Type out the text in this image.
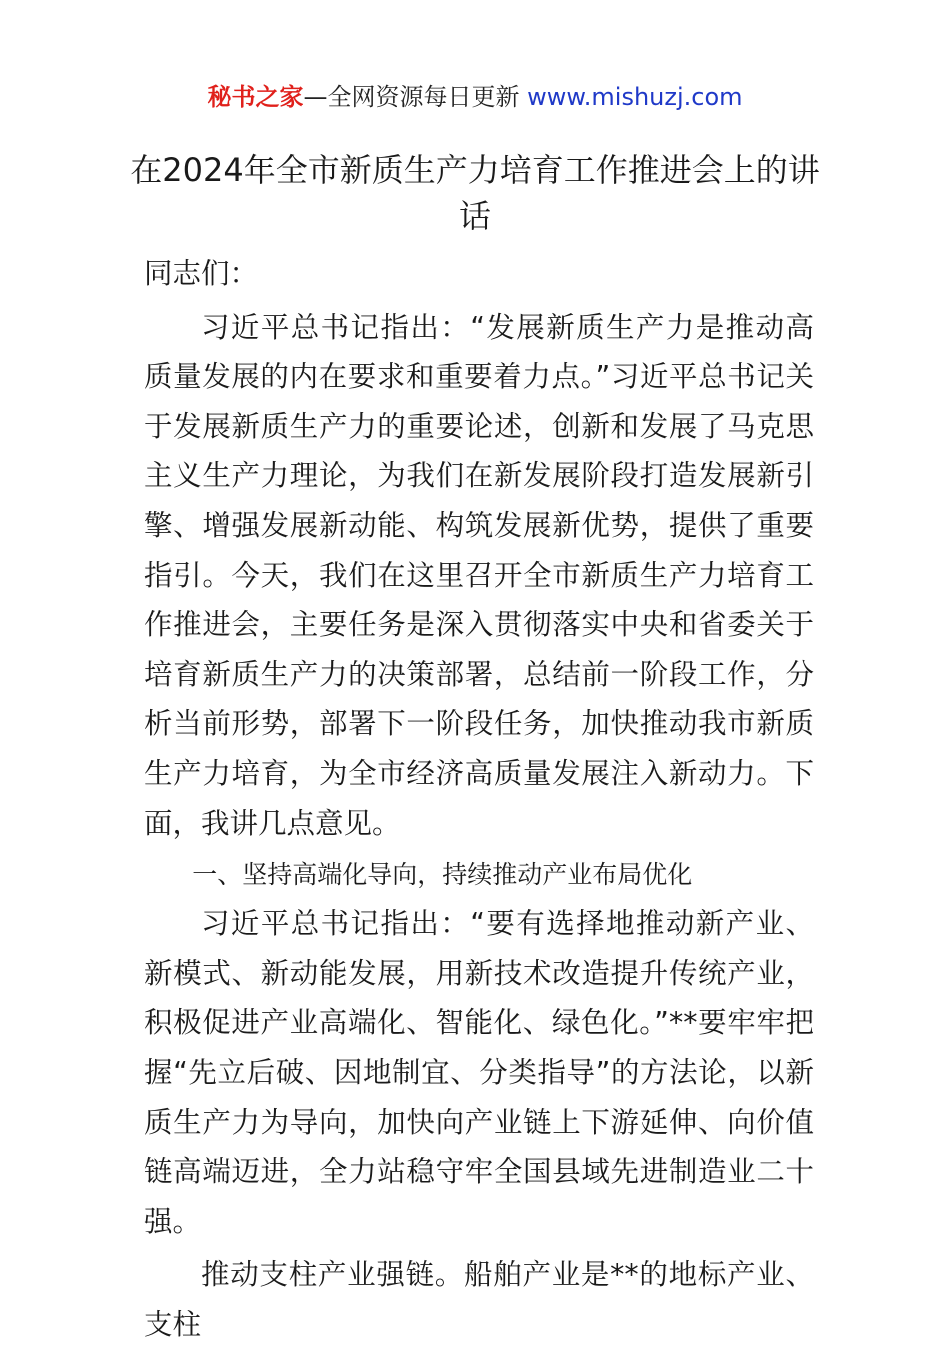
秘书之家—全网资源每日更新 www.mishuzj.com
在2024年全市新质生产力培育工作推进会上的讲话

同志们：

习近平总书记指出：“发展新质生产力是推动高质量发展的内在要求和重要着力点。”习近平总书记关于发展新质生产力的重要论述，创新和发展了马克思主义生产力理论，为我们在新发展阶段打造发展新引擎、增强发展新动能、构筑发展新优势，提供了重要指引。今天，我们在这里召开全市新质生产力培育工作推进会，主要任务是深入贯彻落实中央和省委关于培育新质生产力的决策部署，总结前一阶段工作，分析当前形势，部署下一阶段任务，加快推动我市新质生产力培育，为全市经济高质量发展注入新动力。下面，我讲几点意见。

一、坚持高端化导向，持续推动产业布局优化

习近平总书记指出：“要有选择地推动新产业、新模式、新动能发展，用新技术改造提升传统产业，积极促进产业高端化、智能化、绿色化。”**要牢牢把握“先立后破、因地制宜、分类指导”的方法论，以新质生产力为导向，加快向产业链上下游延伸、向价值链高端迈进，全力站稳守牢全国县域先进制造业二十强。

推动支柱产业强链。船舶产业是**的地标产业、支柱
